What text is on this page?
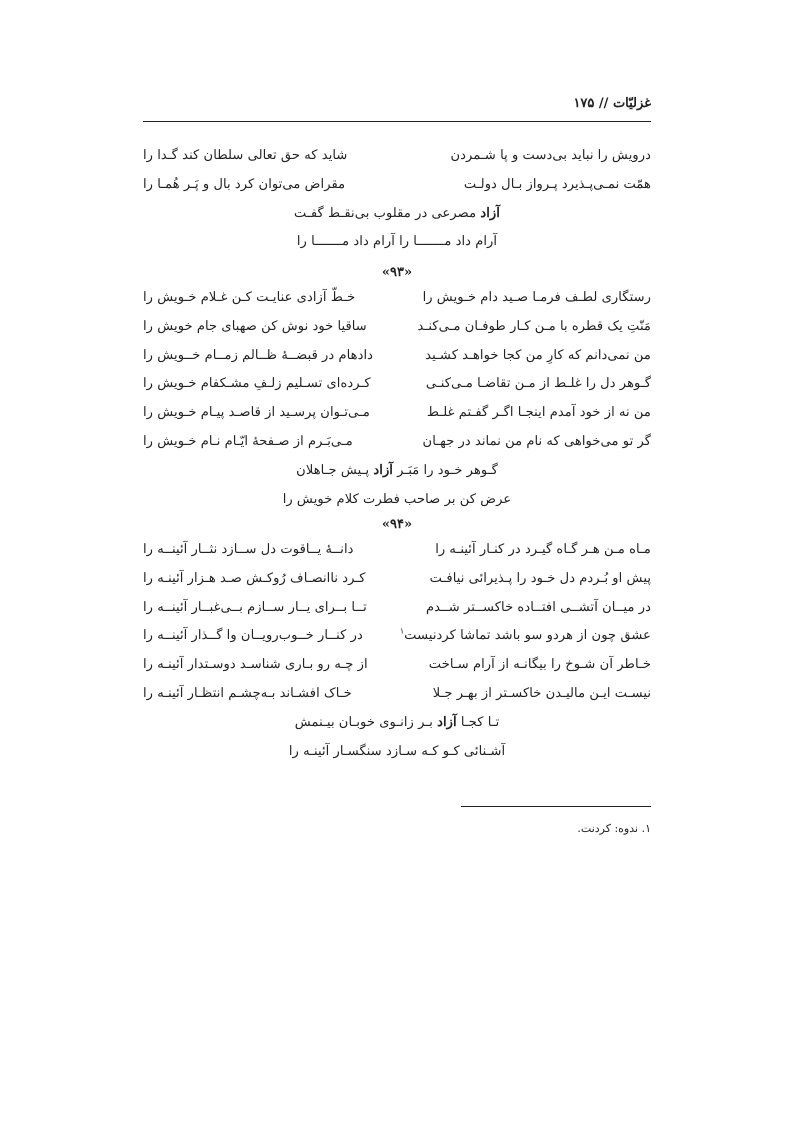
غزلیّات // ۱۷۵
درویش را نباید بی‌دست و پا شـمردن
شاید که حق تعالی سلطان کند گـدا را
همّت نمـی‌پـذیرد پـرواز بـال دولـت
مقراض می‌توان کرد بال و پَـر هُمـا را
آزاد مصرعی در مقلوب بی‌نقـط گفـت
آرام داد مـــــــا را آرام داد مـــــــا را
«۹۳»
رستگاری لطـف فرمـا صـید دام خـویش را
خـطّ آزادی عنایـت کـن غـلام خـویش را
مَنّتِ یک قطره با مـن کـار طوفـان مـی‌کنـد
ساقیا خود نوش کن صهبای جام خویش را
من نمی‌دانم که کارِ من کجا خواهـد کشـید
دادهام در قبضــهٔ ظــالم زمــام خــویش را
گـوهر دل را غلـط از مـن تقاضـا مـی‌کنـی
کـرده‌ای تسـلیم زلـفِ مشـکفام خـویش را
من نه از خود آمدم اینجـا اگـر گفـتم غلـط
مـی‌تـوان پرسـید از قاصـد پیـام خـویش را
گر تو می‌خواهی که نام من نماند در جهـان
مـی‌بَـرم از صـفحهٔ ایّـام نـام خـویش را
گـوهر خـود را مَبَـر آزاد پـیش جـاهلان
عرض کن بر صاحب فطرت کلام خویش را
«۹۴»
مـاه مـن هـر گـاه گیـرد در کنـار آئینـه را
دانــهٔ یــاقوت دل ســازد نثــار آئینــه را
پیش او بُـردم دل خـود را پـذیرائی نیافـت
کـرد ناانصـاف رُوکـش صـد هـزار آئینـه را
در میــان آتشــی افتــاده خاکســتر شــدم
تــا بــرای یــار ســازم بــی‌غبــار آئینــه را
عشق چون از هردو سو باشد تماشا کردنیست$^۱$
در کنــار خــوب‌رویــان وا گــذار آئینــه را
خـاطر آن شـوخ را بیگانـه از آرام سـاخت
از چـه رو بـاری شناسـد دوسـتدار آئینـه را
نیسـت ایـن مالیـدن خاکسـتر از بهـر جـلا
خـاک افشـاند بـه‌چشـم انتظـار آئینـه را
تـا کجـا آزاد بـر زانـوی خوبـان بیـنمش
آشـنائی کـو کـه سـازد سنگسـار آئینـه را
۱. ندوه: کردنت.
